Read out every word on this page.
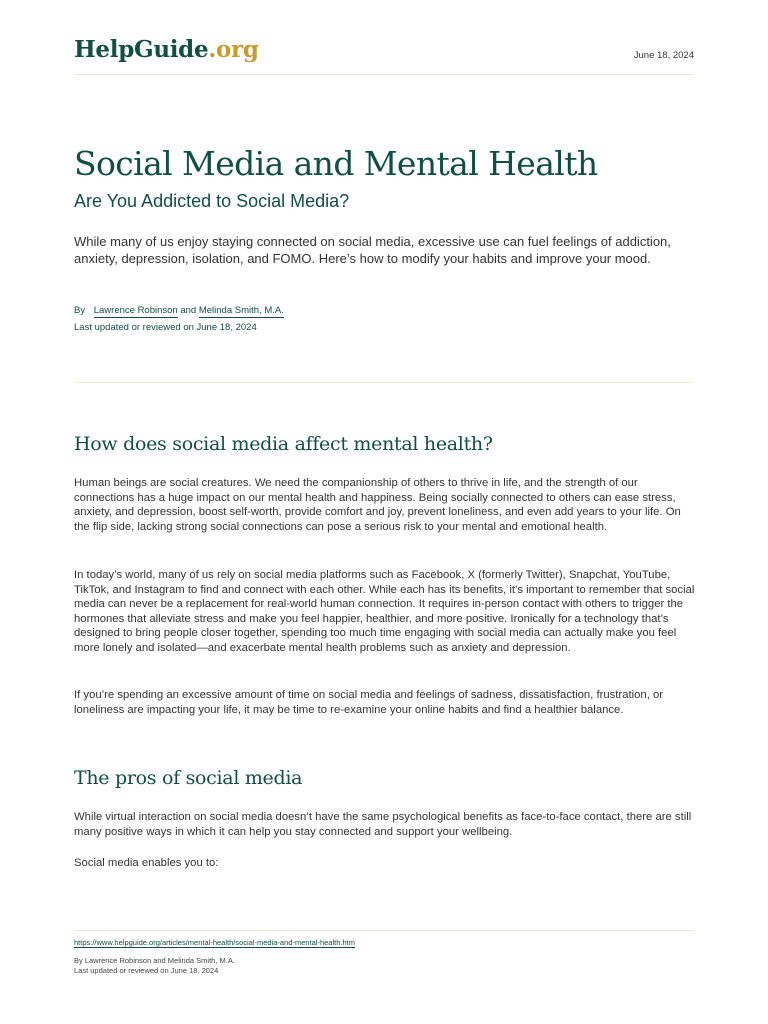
HelpGuide.org	June 18, 2024
Social Media and Mental Health
Are You Addicted to Social Media?

While many of us enjoy staying connected on social media, excessive use can fuel feelings of addiction, anxiety, depression, isolation, and FOMO. Here’s how to modify your habits and improve your mood.

By Lawrence Robinson and Melinda Smith, M.A.
Last updated or reviewed on June 18, 2024
How does social media affect mental health?

Human beings are social creatures. We need the companionship of others to thrive in life, and the strength of our connections has a huge impact on our mental health and happiness. Being socially connected to others can ease stress, anxiety, and depression, boost self-worth, provide comfort and joy, prevent loneliness, and even add years to your life. On the flip side, lacking strong social connections can pose a serious risk to your mental and emotional health.

In today’s world, many of us rely on social media platforms such as Facebook, X (formerly Twitter), Snapchat, YouTube, TikTok, and Instagram to find and connect with each other. While each has its benefits, it’s important to remember that social media can never be a replacement for real-world human connection. It requires in-person contact with others to trigger the hormones that alleviate stress and make you feel happier, healthier, and more positive. Ironically for a technology that’s designed to bring people closer together, spending too much time engaging with social media can actually make you feel more lonely and isolated—and exacerbate mental health problems such as anxiety and depression.

If you’re spending an excessive amount of time on social media and feelings of sadness, dissatisfaction, frustration, or loneliness are impacting your life, it may be time to re-examine your online habits and find a healthier balance.

The pros of social media

While virtual interaction on social media doesn’t have the same psychological benefits as face-to-face contact, there are still many positive ways in which it can help you stay connected and support your wellbeing.

Social media enables you to:

https://www.helpguide.org/articles/mental-health/social-media-and-mental-health.htm
By Lawrence Robinson and Melinda Smith, M.A.
Last updated or reviewed on June 18, 2024
